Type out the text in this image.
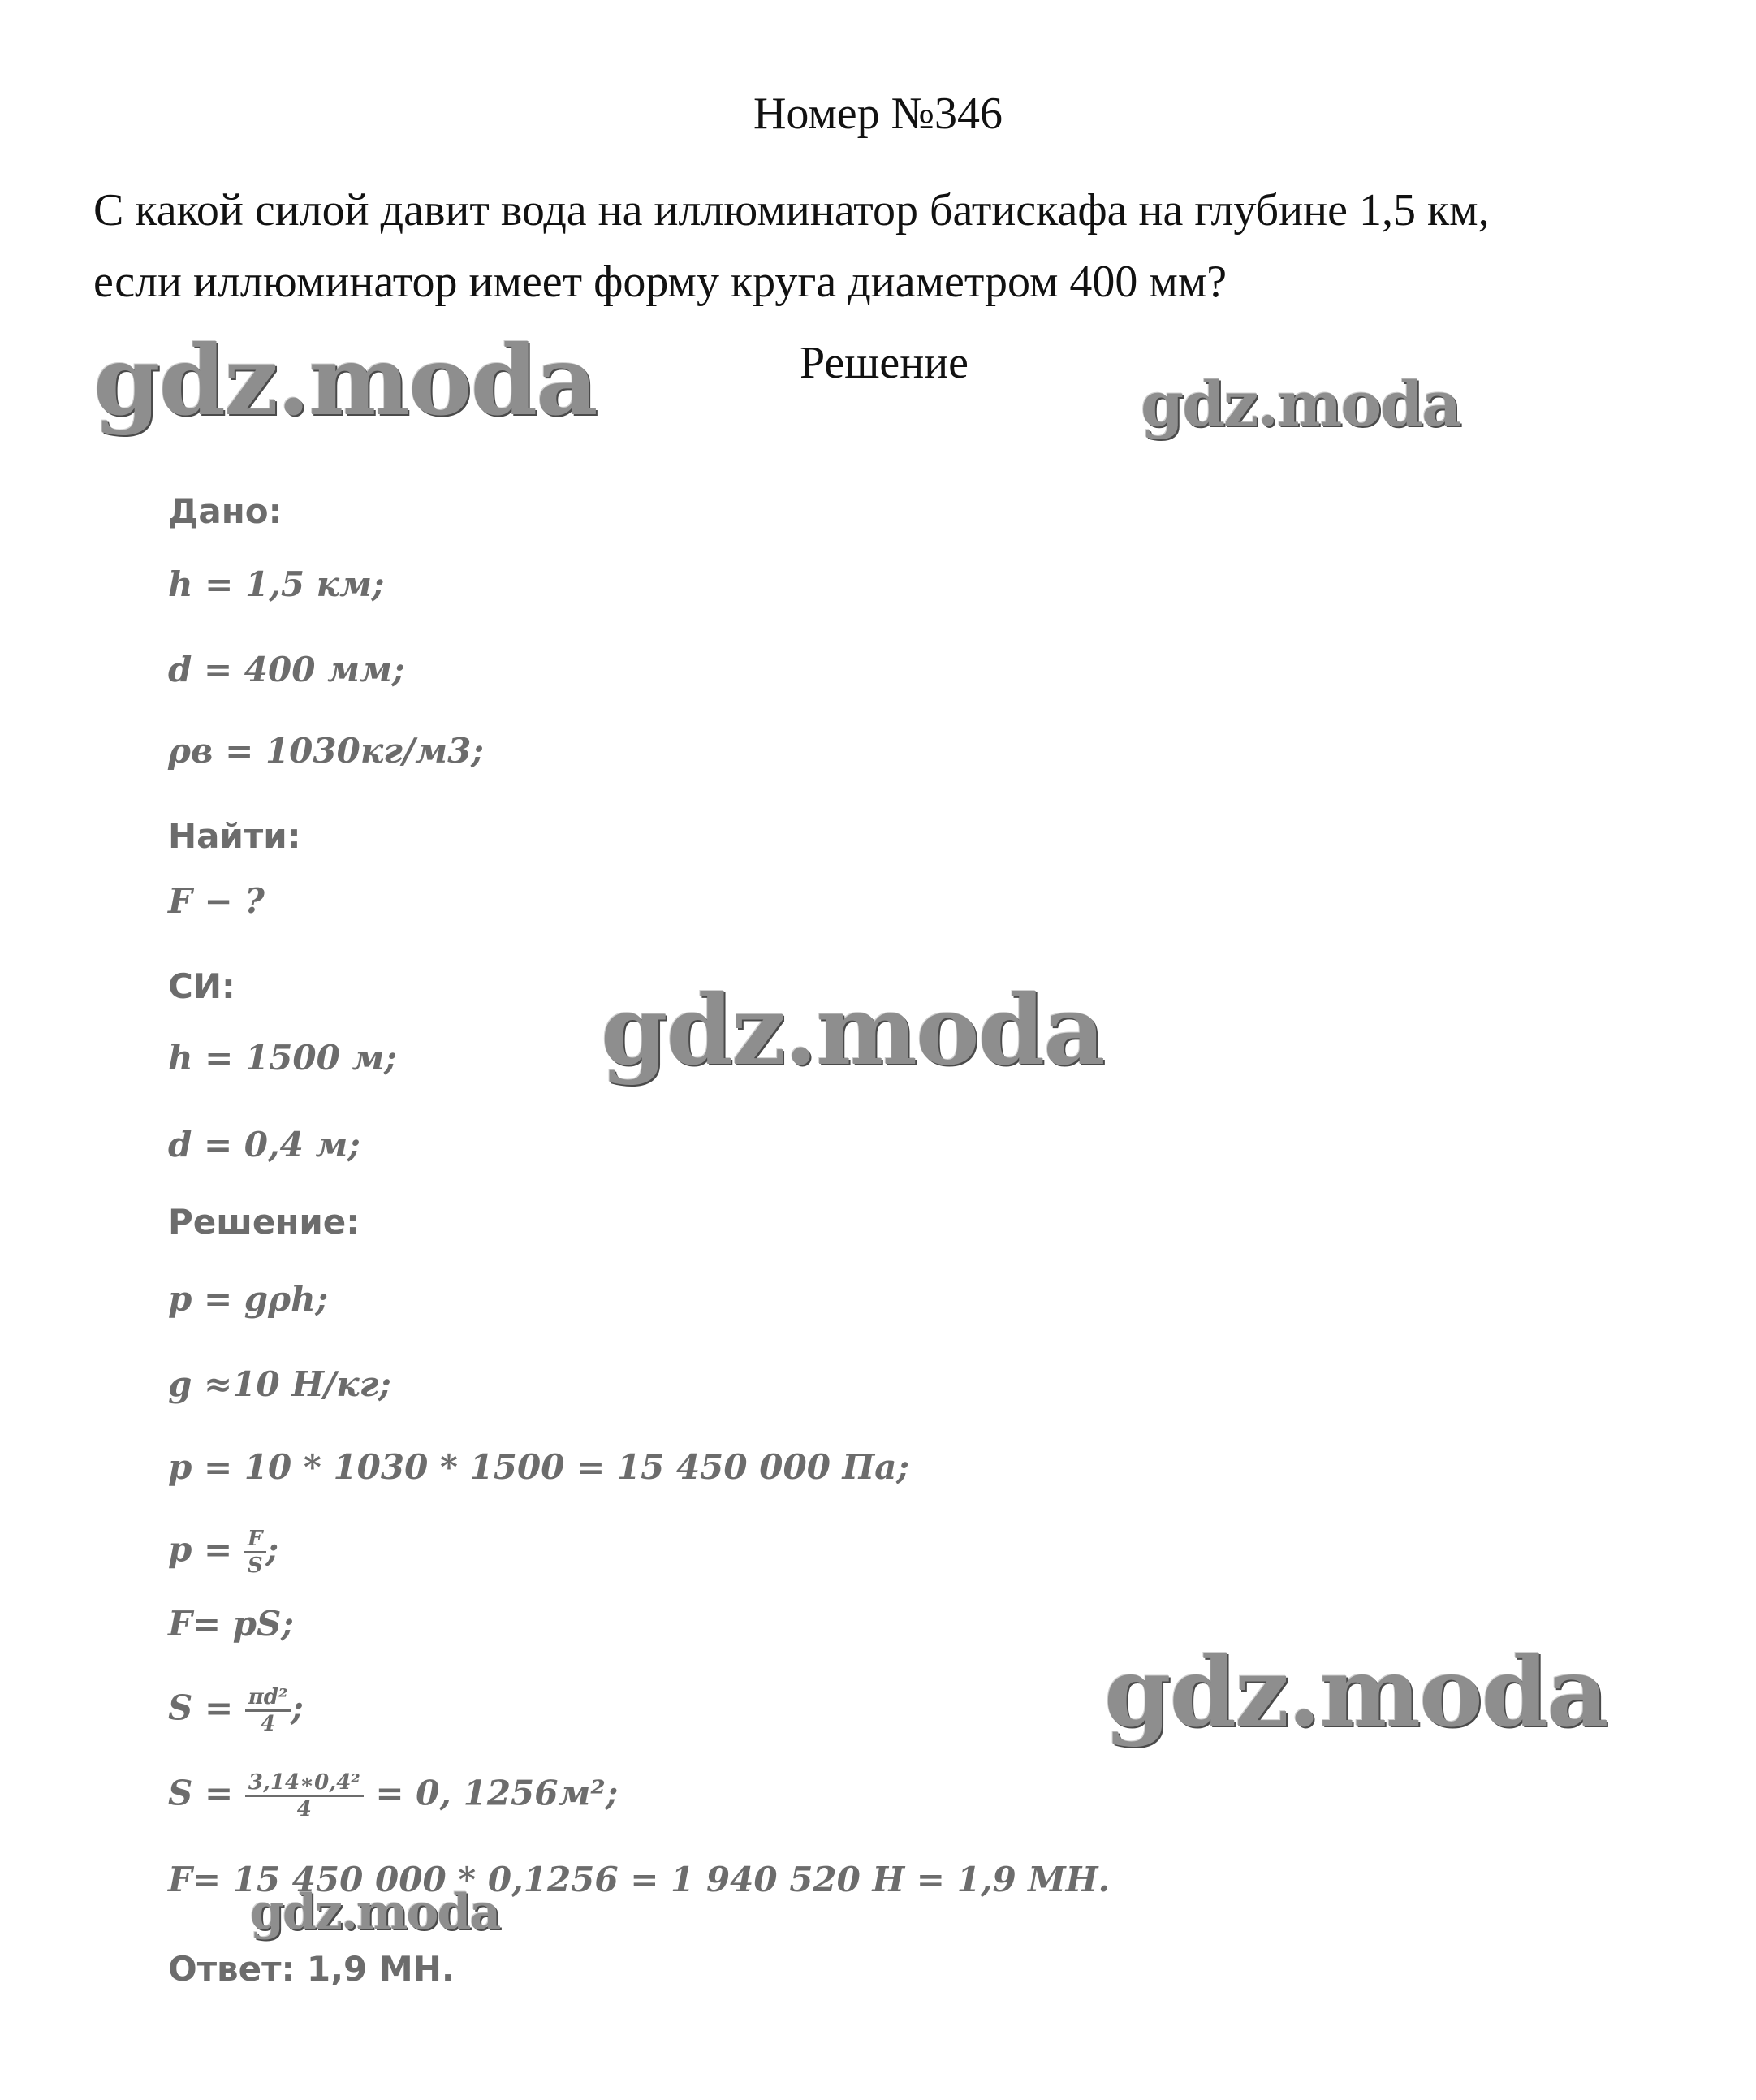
Номер №346
С какой силой давит вода на иллюминатор батискафа на глубине 1,5 км,
если иллюминатор имеет форму круга диаметром 400 мм?
Решение
gdz.moda	gdz.moda
gdz.moda
gdz.moda
gdz.moda
Дано:
h = 1,5 км;
d = 400 мм;
ρв = 1030кг/м3;
Найти:
F − ?
СИ:
h = 1500 м;
d = 0,4 м;
Решение:
p = gρh;
g ≈10 Н/кг;
p = 10 * 1030 * 1500 = 15 450 000 Па;
$p = \frac{F}{S}$ ;
F= pS;
$S = \frac{\text{πd²}}{4}$ ;
$S = \frac{\text{3,14∗0,4²}}{4} = 0$, 1256м²;
F= 15 450 000 * 0,1256 = 1 940 520 Н = 1,9 МН.
Ответ: 1,9 МН.
